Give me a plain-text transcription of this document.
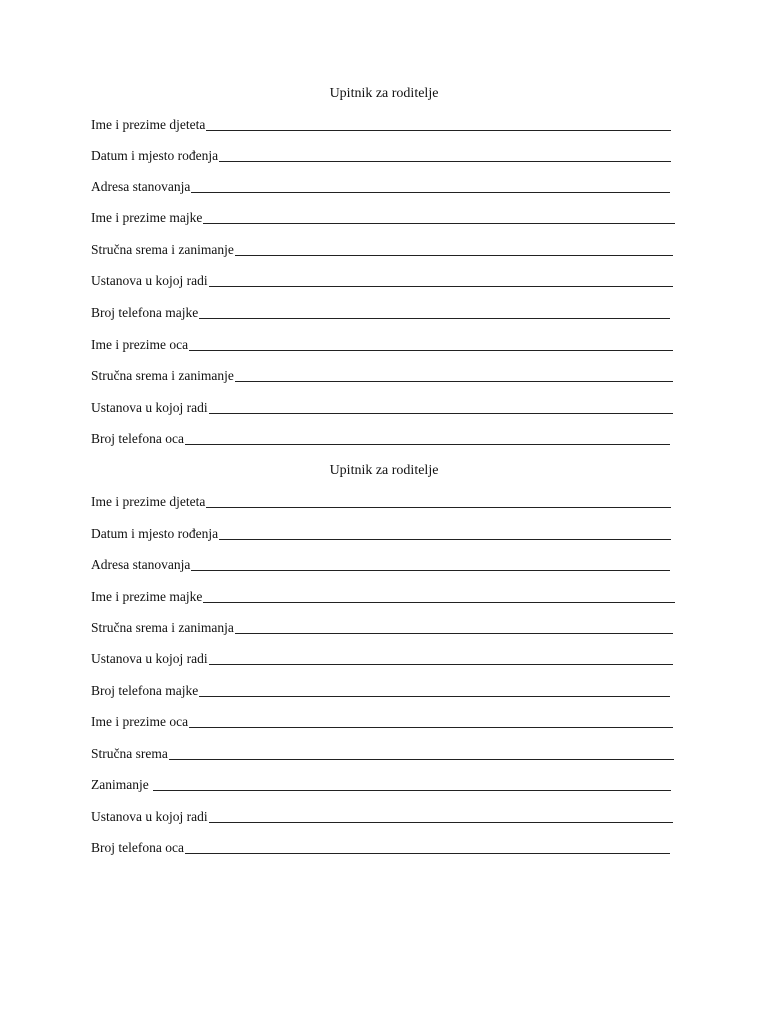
Upitnik za roditelje
Ime i prezime djeteta
Datum i mjesto rođenja
Adresa stanovanja
Ime i prezime majke
Stručna srema i zanimanje
Ustanova u kojoj radi
Broj telefona majke
Ime i prezime oca
Stručna srema i zanimanje
Ustanova u kojoj radi
Broj telefona oca
Upitnik za roditelje
Ime i prezime djeteta
Datum i mjesto rođenja
Adresa stanovanja
Ime i prezime majke
Stručna srema i zanimanja
Ustanova u kojoj radi
Broj telefona majke
Ime i prezime oca
Stručna srema
Zanimanje
Ustanova u kojoj radi
Broj telefona oca
